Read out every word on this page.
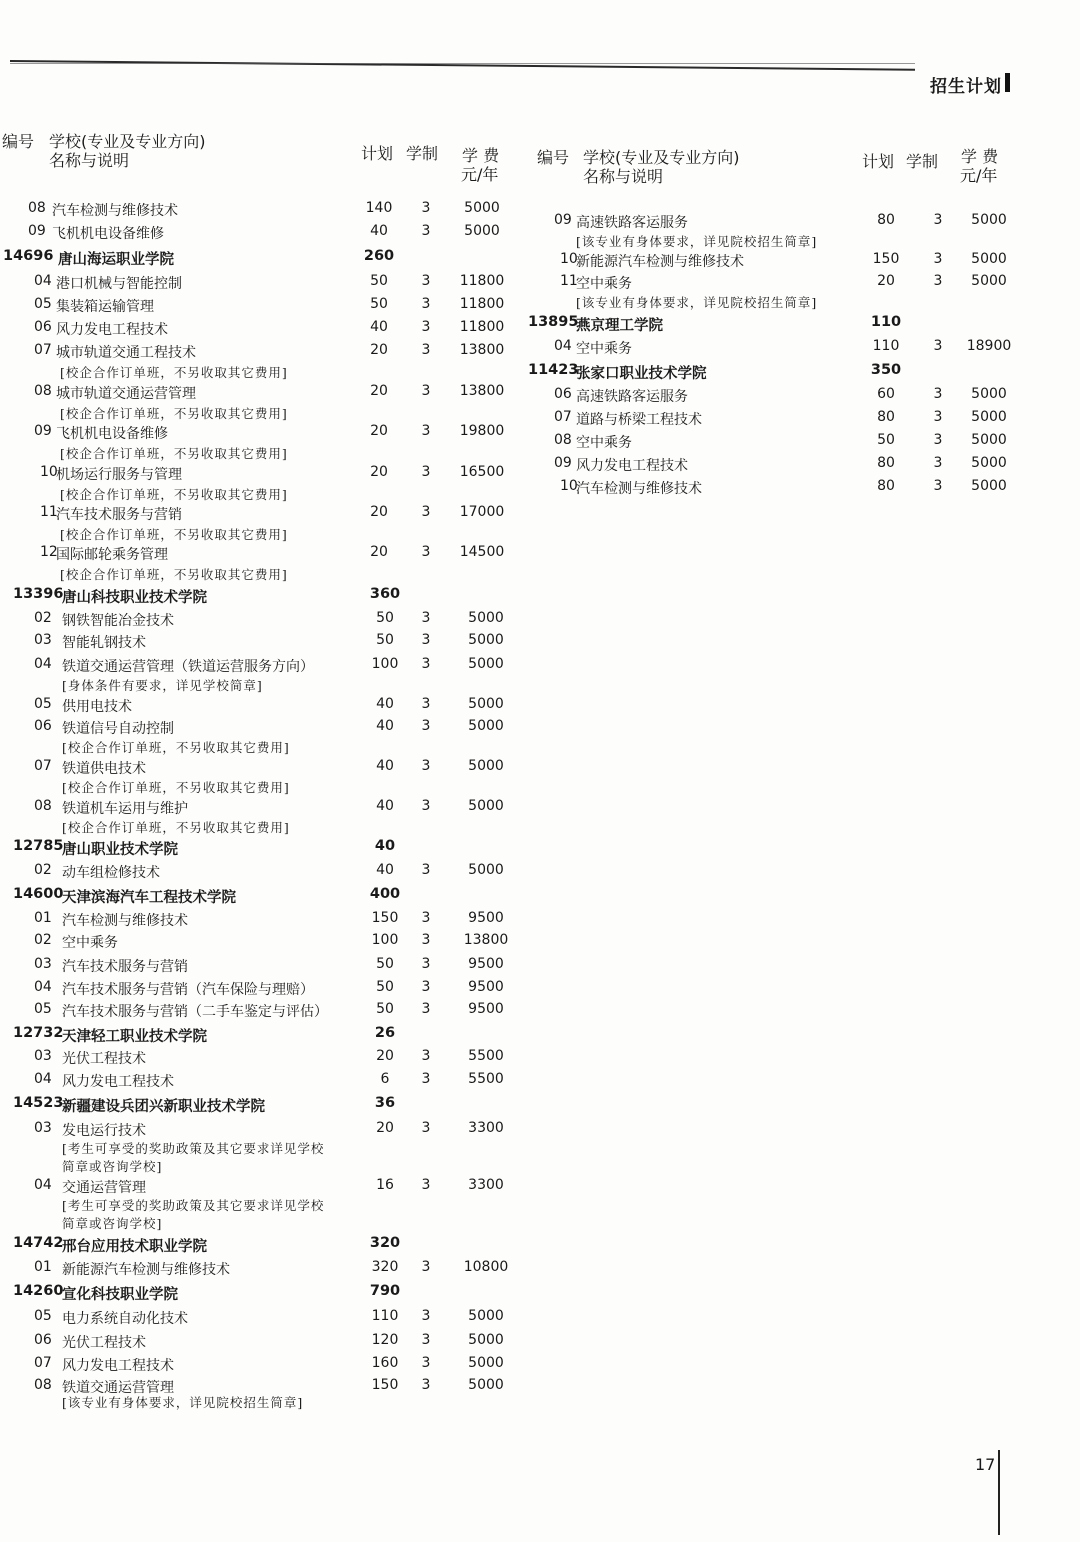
招生计划
编号 学校(专业及专业方向)
名称与说明	计划 学制 学 费
元/年
编号 学校(专业及专业方向)
名称与说明
计划 学制 学 费
元/年
08 汽车检测与维修技术	140	3	5000
09 飞机机电设备维修	40	3	5000
14696 唐山海运职业学院	260
04 港口机械与智能控制	50	3 11800
05 集装箱运输管理	50	3 11800
06 风力发电工程技术	40	3 11800
07 城市轨道交通工程技术	20	3 13800
[校企合作订单班，不另收取其它费用]
08 城市轨道交通运营管理	20	3 13800
[校企合作订单班，不另收取其它费用]
09 飞机机电设备维修	20	3 19800
[校企合作订单班，不另收取其它费用]
10
机场运行服务与管理	20	3 16500
[校企合作订单班，不另收取其它费用]
11
汽车技术服务与营销	20	3 17000
[校企合作订单班，不另收取其它费用]
12
国际邮轮乘务管理	20	3 14500
[校企合作订单班，不另收取其它费用]
13396
唐山科技职业技术学院	360
02 钢铁智能冶金技术	50	3	5000
03 智能轧钢技术	50	3	5000
04 铁道交通运营管理（铁道运营服务方向）	100	3	5000
[身体条件有要求，详见学校简章]
05 供用电技术	40	3	5000
06 铁道信号自动控制	40	3	5000
[校企合作订单班，不另收取其它费用]
07 铁道供电技术	40	3	5000
[校企合作订单班，不另收取其它费用]
08 铁道机车运用与维护	40	3	5000
[校企合作订单班，不另收取其它费用]
12785
唐山职业技术学院	40
02 动车组检修技术	40	3	5000
14600
天津滨海汽车工程技术学院	400
01 汽车检测与维修技术	150	3	9500
02 空中乘务	100	3 13800
03 汽车技术服务与营销	50	3	9500
04 汽车技术服务与营销（汽车保险与理赔）	50	3	9500
05 汽车技术服务与营销（二手车鉴定与评估）	50	3	9500
12732
天津轻工职业技术学院	26
03 光伏工程技术	20	3	5500
04 风力发电工程技术	6	3	5500
14523
新疆建设兵团兴新职业技术学院	36
03 发电运行技术	20	3	3300
[考生可享受的奖助政策及其它要求详见学校
简章或咨询学校]
04 交通运营管理	16	3	3300
[考生可享受的奖助政策及其它要求详见学校
简章或咨询学校]
14742
邢台应用技术职业学院	320
01 新能源汽车检测与维修技术	320	3 10800
14260
宣化科技职业学院	790
05 电力系统自动化技术	110	3	5000
06 光伏工程技术	120	3	5000
07 风力发电工程技术	160	3	5000
08 铁道交通运营管理	150	3	5000
[该专业有身体要求，详见院校招生简章]
09 高速铁路客运服务	80	3	5000
[该专业有身体要求，详见院校招生简章]
10
新能源汽车检测与维修技术	150	3	5000
11
空中乘务	20	3	5000
[该专业有身体要求，详见院校招生简章]
13895
燕京理工学院	110
04 空中乘务	110	3 18900
11423
张家口职业技术学院	350
06 高速铁路客运服务	60	3	5000
07 道路与桥梁工程技术	80	3	5000
08 空中乘务	50	3	5000
09 风力发电工程技术	80	3	5000
10
汽车检测与维修技术	80	3	5000
17
